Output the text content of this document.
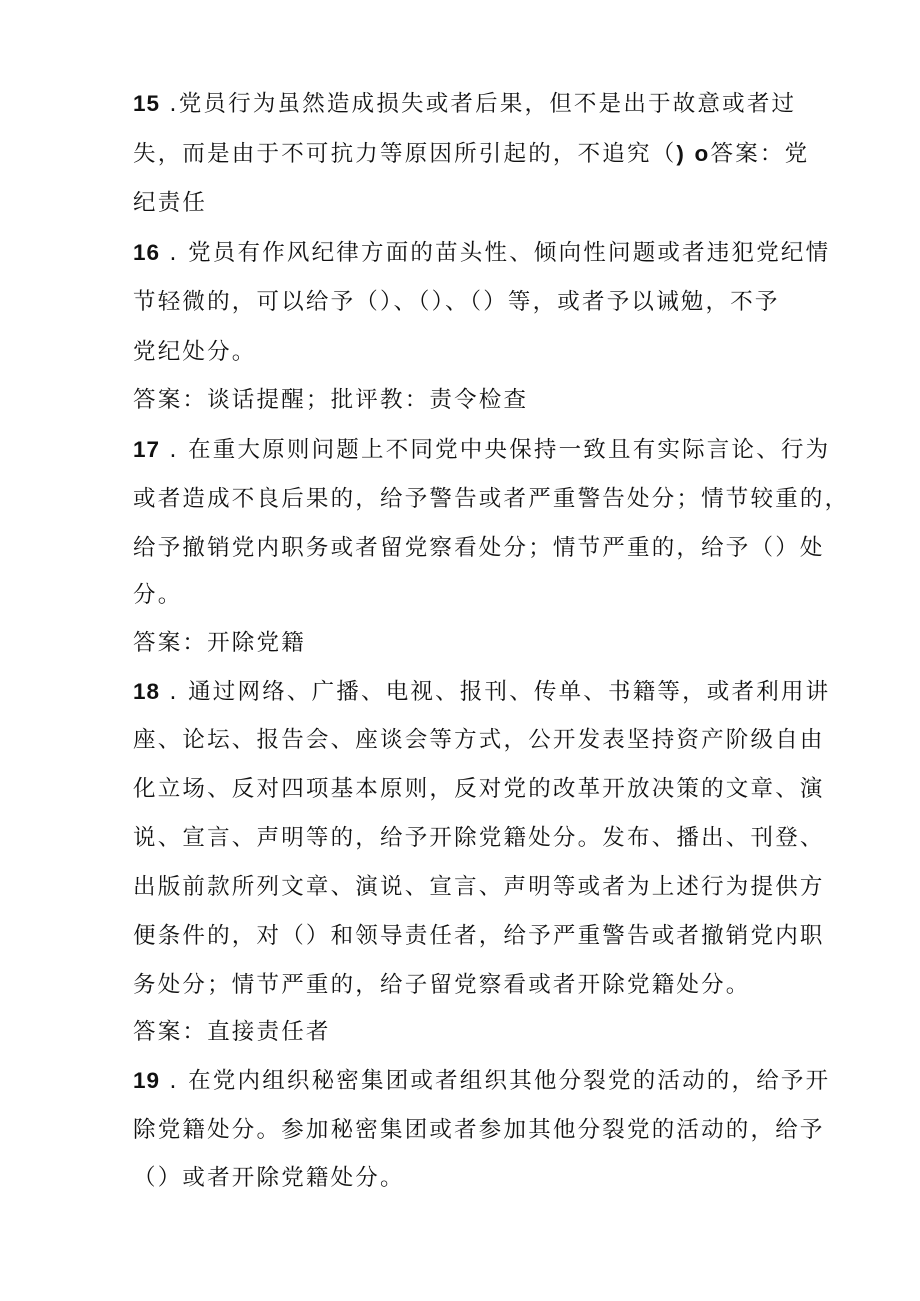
15 .党员行为虽然造成损失或者后果，但不是出于故意或者过
失，而是由于不可抗力等原因所引起的，不追究（) o答案：党
纪责任
16 . 党员有作风纪律方面的苗头性、倾向性问题或者违犯党纪情
节轻微的，可以给予（）、（）、（）等，或者予以诫勉，不予
党纪处分。
答案：谈话提醒；批评教：责令检查
17 . 在重大原则问题上不同党中央保持一致且有实际言论、行为
或者造成不良后果的，给予警告或者严重警告处分；情节较重的，
给予撤销党内职务或者留党察看处分；情节严重的，给予（）处
分。
答案：开除党籍
18 . 通过网络、广播、电视、报刊、传单、书籍等，或者利用讲
座、论坛、报告会、座谈会等方式，公开发表坚持资产阶级自由
化立场、反对四项基本原则，反对党的改革开放决策的文章、演
说、宣言、声明等的，给予开除党籍处分。发布、播出、刊登、
出版前款所列文章、演说、宣言、声明等或者为上述行为提供方
便条件的，对（）和领导责任者，给予严重警告或者撤销党内职
务处分；情节严重的，给子留党察看或者开除党籍处分。
答案：直接责任者
19 . 在党内组织秘密集团或者组织其他分裂党的活动的，给予开
除党籍处分。参加秘密集团或者参加其他分裂党的活动的，给予
（）或者开除党籍处分。
